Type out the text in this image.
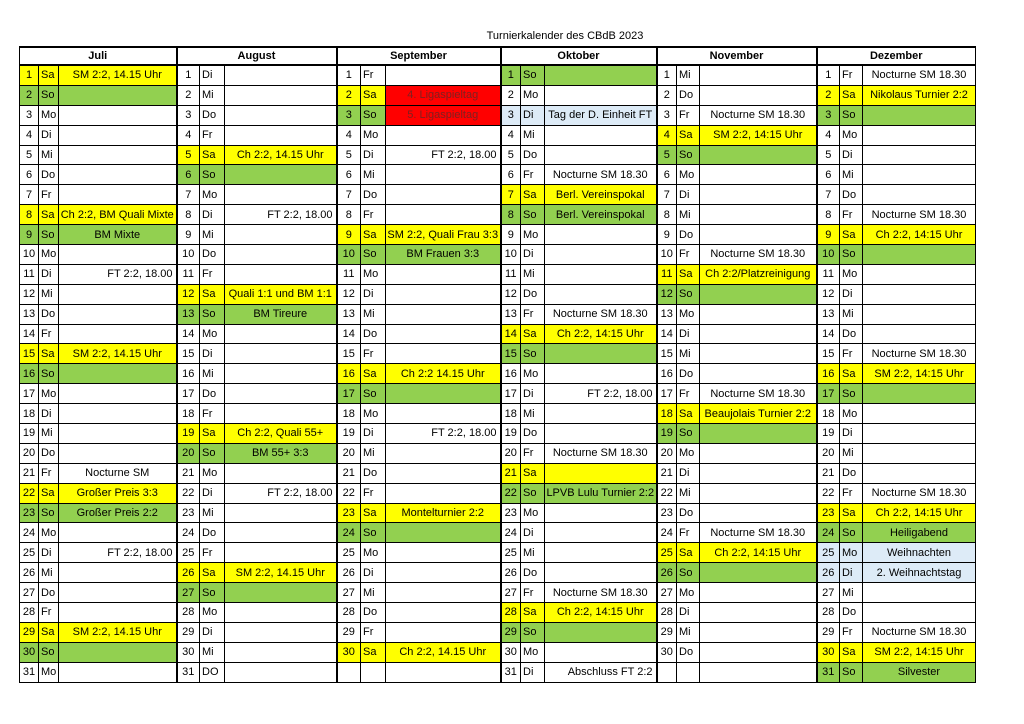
Turnierkalender des CBdB 2023
Juli			August			September			Oktober			November			Dezember		
1	Sa	SM 2:2, 14.15 Uhr	1	Di		1	Fr		1	So		1	Mi		1	Fr	Nocturne SM 18.30
2	So		2	Mi		2	Sa	4. Ligaspieltag	2	Mo		2	Do		2	Sa	Nikolaus Turnier 2:2
3	Mo		3	Do		3	So	5. Ligaspieltag	3	Di	Tag der D. Einheit FT	3	Fr	Nocturne SM 18.30	3	So	
4	Di		4	Fr		4	Mo		4	Mi		4	Sa	SM 2:2, 14:15 Uhr	4	Mo	
5	Mi		5	Sa	Ch 2:2, 14.15 Uhr	5	Di	FT 2:2, 18.00	5	Do		5	So		5	Di	
6	Do		6	So		6	Mi		6	Fr	Nocturne SM 18.30	6	Mo		6	Mi	
7	Fr		7	Mo		7	Do		7	Sa	Berl. Vereinspokal	7	Di		7	Do	
8	Sa	Ch 2:2, BM Quali Mixte	8	Di	FT 2:2, 18.00	8	Fr		8	So	Berl. Vereinspokal	8	Mi		8	Fr	Nocturne SM 18.30
9	So	BM Mixte	9	Mi		9	Sa	SM 2:2, Quali Frau 3:3	9	Mo		9	Do		9	Sa	Ch 2:2, 14:15 Uhr
10	Mo		10	Do		10	So	BM Frauen 3:3	10	Di		10	Fr	Nocturne SM 18.30	10	So	
11	Di	FT 2:2, 18.00	11	Fr		11	Mo		11	Mi		11	Sa	Ch 2:2/Platzreinigung	11	Mo	
12	Mi		12	Sa	Quali 1:1 und BM 1:1	12	Di		12	Do		12	So		12	Di	
13	Do		13	So	BM Tireure	13	Mi		13	Fr	Nocturne SM 18.30	13	Mo		13	Mi	
14	Fr		14	Mo		14	Do		14	Sa	Ch 2:2, 14:15 Uhr	14	Di		14	Do	
15	Sa	SM 2:2, 14.15 Uhr	15	Di		15	Fr		15	So		15	Mi		15	Fr	Nocturne SM 18.30
16	So		16	Mi		16	Sa	Ch 2:2 14.15 Uhr	16	Mo		16	Do		16	Sa	SM 2:2, 14:15 Uhr
17	Mo		17	Do		17	So		17	Di	FT 2:2, 18.00	17	Fr	Nocturne SM 18.30	17	So	
18	Di		18	Fr		18	Mo		18	Mi		18	Sa	Beaujolais Turnier 2:2	18	Mo	
19	Mi		19	Sa	Ch 2:2, Quali 55+	19	Di	FT 2:2, 18.00	19	Do		19	So		19	Di	
20	Do		20	So	BM 55+ 3:3	20	Mi		20	Fr	Nocturne SM 18.30	20	Mo		20	Mi	
21	Fr	Nocturne SM	21	Mo		21	Do		21	Sa		21	Di		21	Do	
22	Sa	Großer Preis 3:3	22	Di	FT 2:2, 18.00	22	Fr		22	So	LPVB Lulu Turnier 2:2	22	Mi		22	Fr	Nocturne SM 18.30
23	So	Großer Preis 2:2	23	Mi		23	Sa	Montelturnier 2:2	23	Mo		23	Do		23	Sa	Ch 2:2, 14:15 Uhr
24	Mo		24	Do		24	So		24	Di		24	Fr	Nocturne SM 18.30	24	So	Heiligabend
25	Di	FT 2:2, 18.00	25	Fr		25	Mo		25	Mi		25	Sa	Ch 2:2, 14:15 Uhr	25	Mo	Weihnachten
26	Mi		26	Sa	SM 2:2, 14.15 Uhr	26	Di		26	Do		26	So		26	Di	2. Weihnachtstag
27	Do		27	So		27	Mi		27	Fr	Nocturne SM 18.30	27	Mo		27	Mi	
28	Fr		28	Mo		28	Do		28	Sa	Ch 2:2, 14:15 Uhr	28	Di		28	Do	
29	Sa	SM 2:2, 14.15 Uhr	29	Di		29	Fr		29	So		29	Mi		29	Fr	Nocturne SM 18.30
30	So		30	Mi		30	Sa	Ch 2:2, 14.15 Uhr	30	Mo		30	Do		30	Sa	SM 2:2, 14:15 Uhr
31	Mo		31	DO					31	Di	Abschluss FT 2:2				31	So	Silvester
